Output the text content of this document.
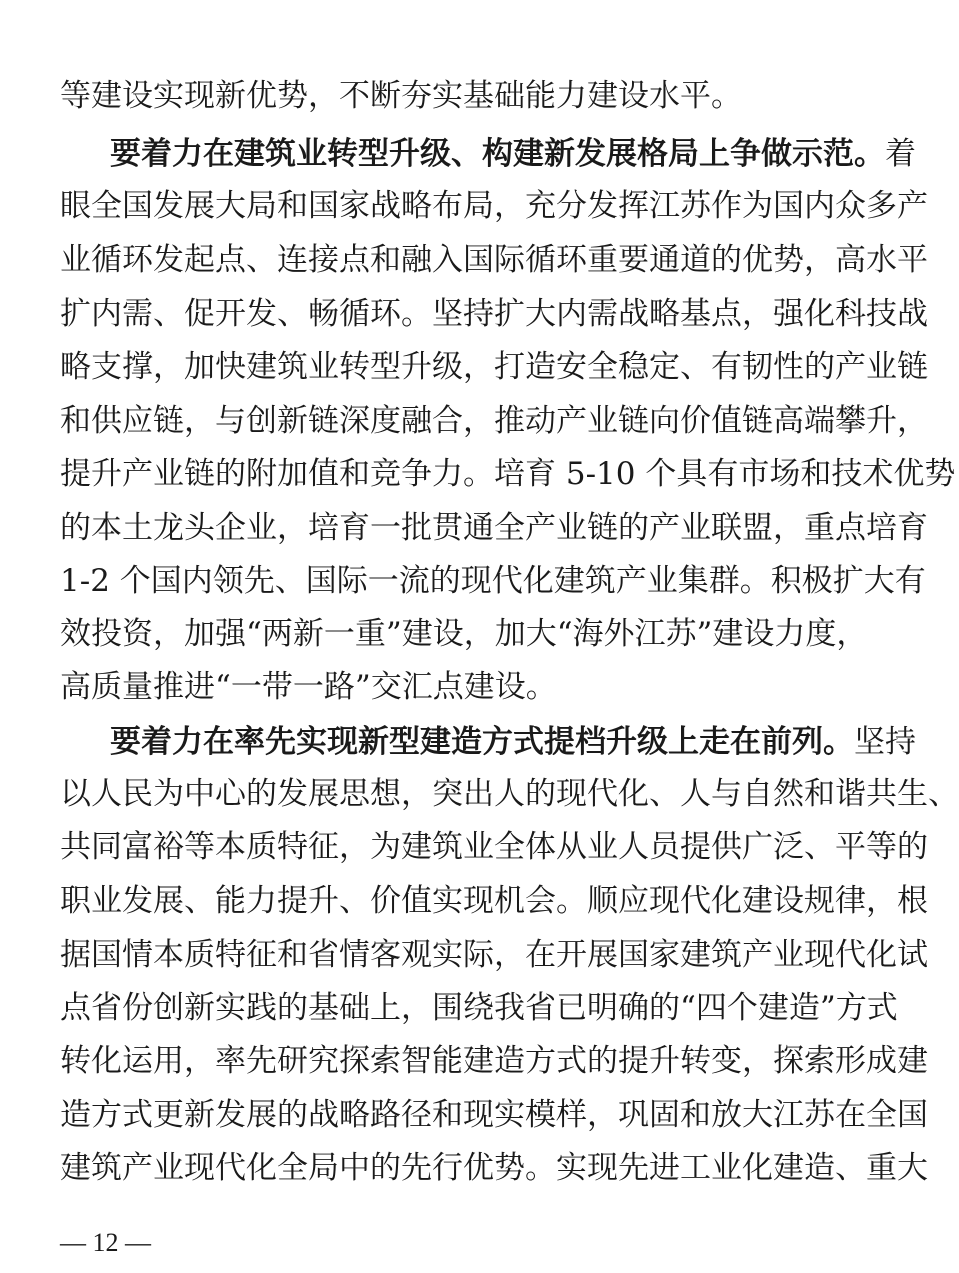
等建设实现新优势，不断夯实基础能力建设水平。
要着力在建筑业转型升级、构建新发展格局上争做示范。着
眼全国发展大局和国家战略布局，充分发挥江苏作为国内众多产
业循环发起点、连接点和融入国际循环重要通道的优势，高水平
扩内需、促开发、畅循环。坚持扩大内需战略基点，强化科技战
略支撑，加快建筑业转型升级，打造安全稳定、有韧性的产业链
和供应链，与创新链深度融合，推动产业链向价值链高端攀升，
提升产业链的附加值和竞争力。培育 5-10 个具有市场和技术优势
的本土龙头企业，培育一批贯通全产业链的产业联盟，重点培育
1-2 个国内领先、国际一流的现代化建筑产业集群。积极扩大有
效投资，加强“两新一重”建设，加大“海外江苏”建设力度，
高质量推进“一带一路”交汇点建设。
要着力在率先实现新型建造方式提档升级上走在前列。坚持
以人民为中心的发展思想，突出人的现代化、人与自然和谐共生、
共同富裕等本质特征，为建筑业全体从业人员提供广泛、平等的
职业发展、能力提升、价值实现机会。顺应现代化建设规律，根
据国情本质特征和省情客观实际，在开展国家建筑产业现代化试
点省份创新实践的基础上，围绕我省已明确的“四个建造”方式
转化运用，率先研究探索智能建造方式的提升转变，探索形成建
造方式更新发展的战略路径和现实模样，巩固和放大江苏在全国
建筑产业现代化全局中的先行优势。实现先进工业化建造、重大
— 12 —
